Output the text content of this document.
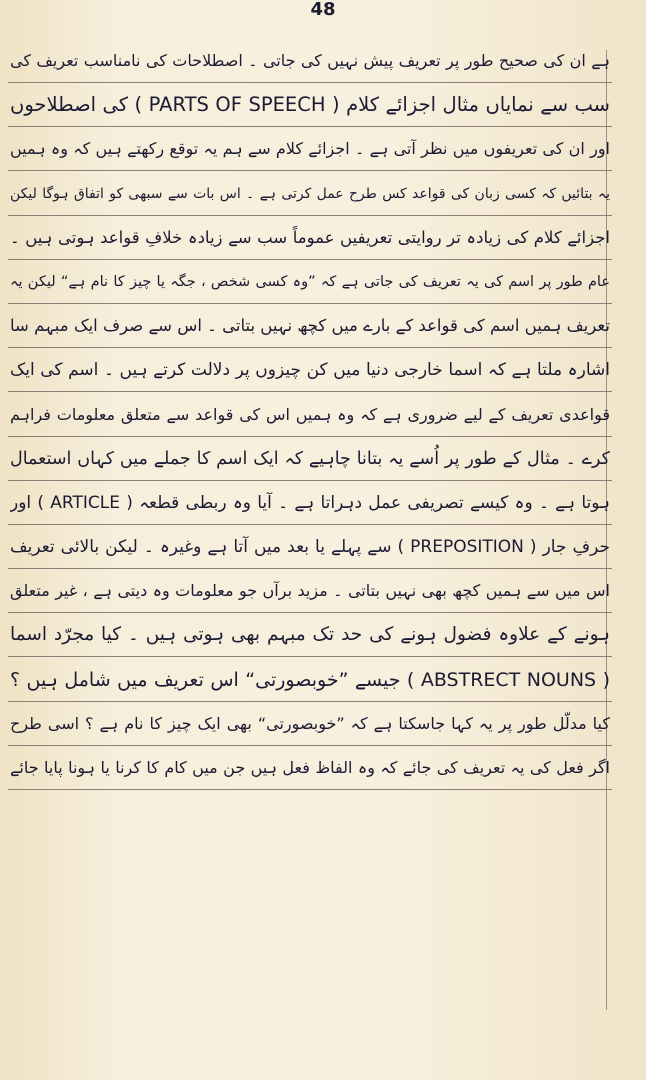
48
ہے ان کی صحیح طور پر تعریف پیش نہیں کی جاتی ۔ اصطلاحات کی نامناسب تعریف کی
سب سے نمایاں مثال اجزائے کلام ( PARTS OF SPEECH ) کی اصطلاحوں
اور ان کی تعریفوں میں نظر آتی ہے ۔ اجزائے کلام سے ہم یہ توقع رکھتے ہیں کہ وہ ہمیں
یہ بتائیں کہ کسی زبان کی قواعد کس طرح عمل کرتی ہے ۔ اس بات سے سبھی کو اتفاق ہوگا لیکن
اجزائے کلام کی زیادہ تر روایتی تعریفیں عموماً سب سے زیادہ خلافِ قواعد ہوتی ہیں ۔
عام طور پر اسم کی یہ تعریف کی جاتی ہے کہ ”وہ کسی شخص ، جگہ یا چیز کا نام ہے“ لیکن یہ
تعریف ہمیں اسم کی قواعد کے بارے میں کچھ نہیں بتاتی ۔ اس سے صرف ایک مبہم سا
اشارہ ملتا ہے کہ اسما خارجی دنیا میں کن چیزوں پر دلالت کرتے ہیں ۔ اسم کی ایک
قواعدی تعریف کے لیے ضروری ہے کہ وہ ہمیں اس کی قواعد سے متعلق معلومات فراہم
کرے ۔ مثال کے طور پر اُسے یہ بتانا چاہیے کہ ایک اسم کا جملے میں کہاں استعمال
ہوتا ہے ۔ وہ کیسے تصریفی عمل دہراتا ہے ۔ آیا وہ ربطی قطعہ ( ARTICLE ) اور
حرفِ جار ( PREPOSITION ) سے پہلے یا بعد میں آتا ہے وغیرہ ۔ لیکن بالائی تعریف
اس میں سے ہمیں کچھ بھی نہیں بتاتی ۔ مزید برآں جو معلومات وہ دیتی ہے ، غیر متعلق
ہونے کے علاوہ فضول ہونے کی حد تک مبہم بھی ہوتی ہیں ۔ کیا مجرّد اسما
( ABSTRECT NOUNS ) جیسے ”خوبصورتی“ اس تعریف میں شامل ہیں ؟
کیا مدلّل طور پر یہ کہا جاسکتا ہے کہ ”خوبصورتی“ بھی ایک چیز کا نام ہے ؟ اسی طرح
اگر فعل کی یہ تعریف کی جائے کہ وہ الفاظ فعل ہیں جن میں کام کا کرنا یا ہونا پایا جائے
